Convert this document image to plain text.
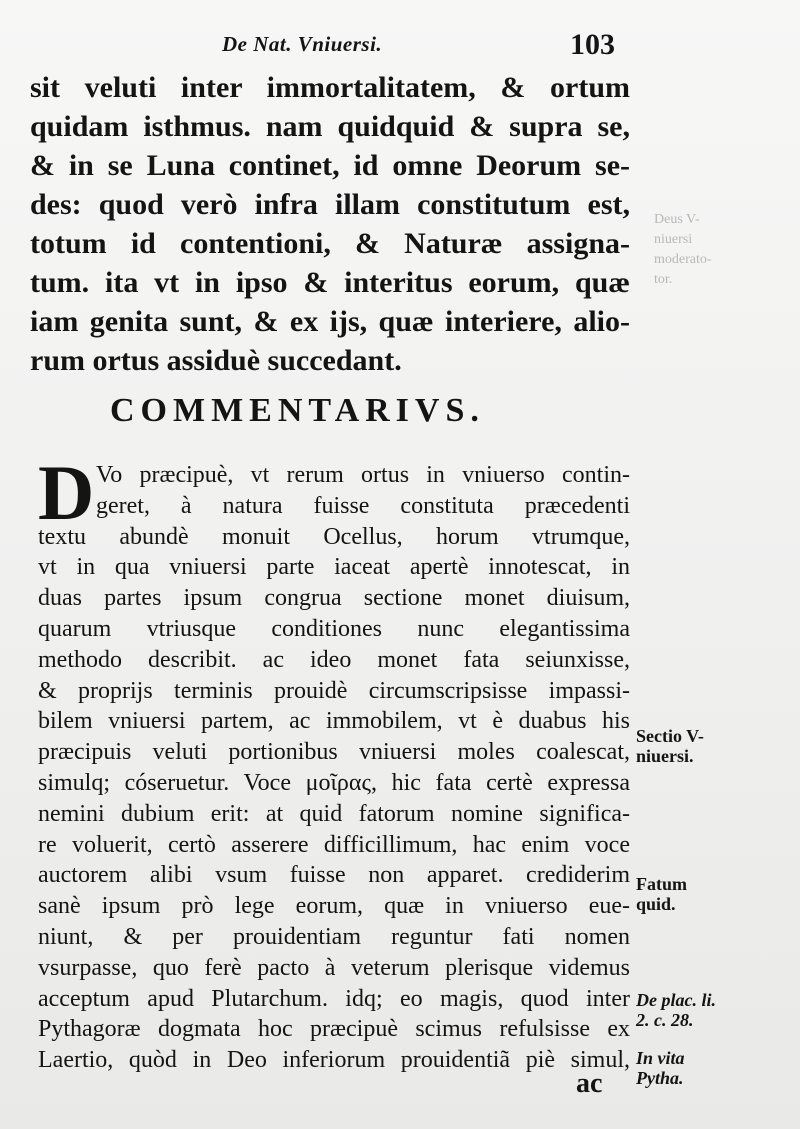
De Nat. Vniuersi.	103
sit veluti inter immortalitatem, & ortum
quidam isthmus. nam quidquid & supra se,
& in se Luna continet, id omne Deorum se-
des: quod verò infra illam constitutum est,
totum id contentioni, & Naturæ assigna-
tum. ita vt in ipso & interitus eorum, quæ
iam genita sunt, & ex ijs, quæ interiere, alio-
rum ortus assiduè succedant.
COMMENTARIVS.
D Vo præcipuè, vt rerum ortus in vniuerso contin-
geret, à natura fuisse constituta præcedenti
textu abundè monuit Ocellus, horum vtrumque,
vt in qua vniuersi parte iaceat apertè innotescat, in
duas partes ipsum congrua sectione monet diuisum,
quarum vtriusque conditiones nunc elegantissima
methodo describit. ac ideo monet fata seiunxisse,
& proprijs terminis prouidè circumscripsisse impassi-
bilem vniuersi partem, ac immobilem, vt è duabus his
præcipuis veluti portionibus vniuersi moles coalescat,
simulq; cóseruetur. Voce μοῖρας, hic fata certè expressa
nemini dubium erit: at quid fatorum nomine significa-
re voluerit, certò asserere difficillimum, hac enim voce
auctorem alibi vsum fuisse non apparet. crediderim
sanè ipsum prò lege eorum, quæ in vniuerso eue-
niunt, & per prouidentiam reguntur fati nomen
vsurpasse, quo ferè pacto à veterum plerisque videmus
acceptum apud Plutarchum. idq; eo magis, quod inter
Pythagoræ dogmata hoc præcipuè scimus refulsisse ex
Laertio, quòd in Deo inferiorum prouidentiã piè simul,
Sectio V-
niuersi.
Fatum
quid.
De plac. li.
2. c. 28.
In vita
Pytha.
ac
Deus V-
niuersi
moderato-
tor.
